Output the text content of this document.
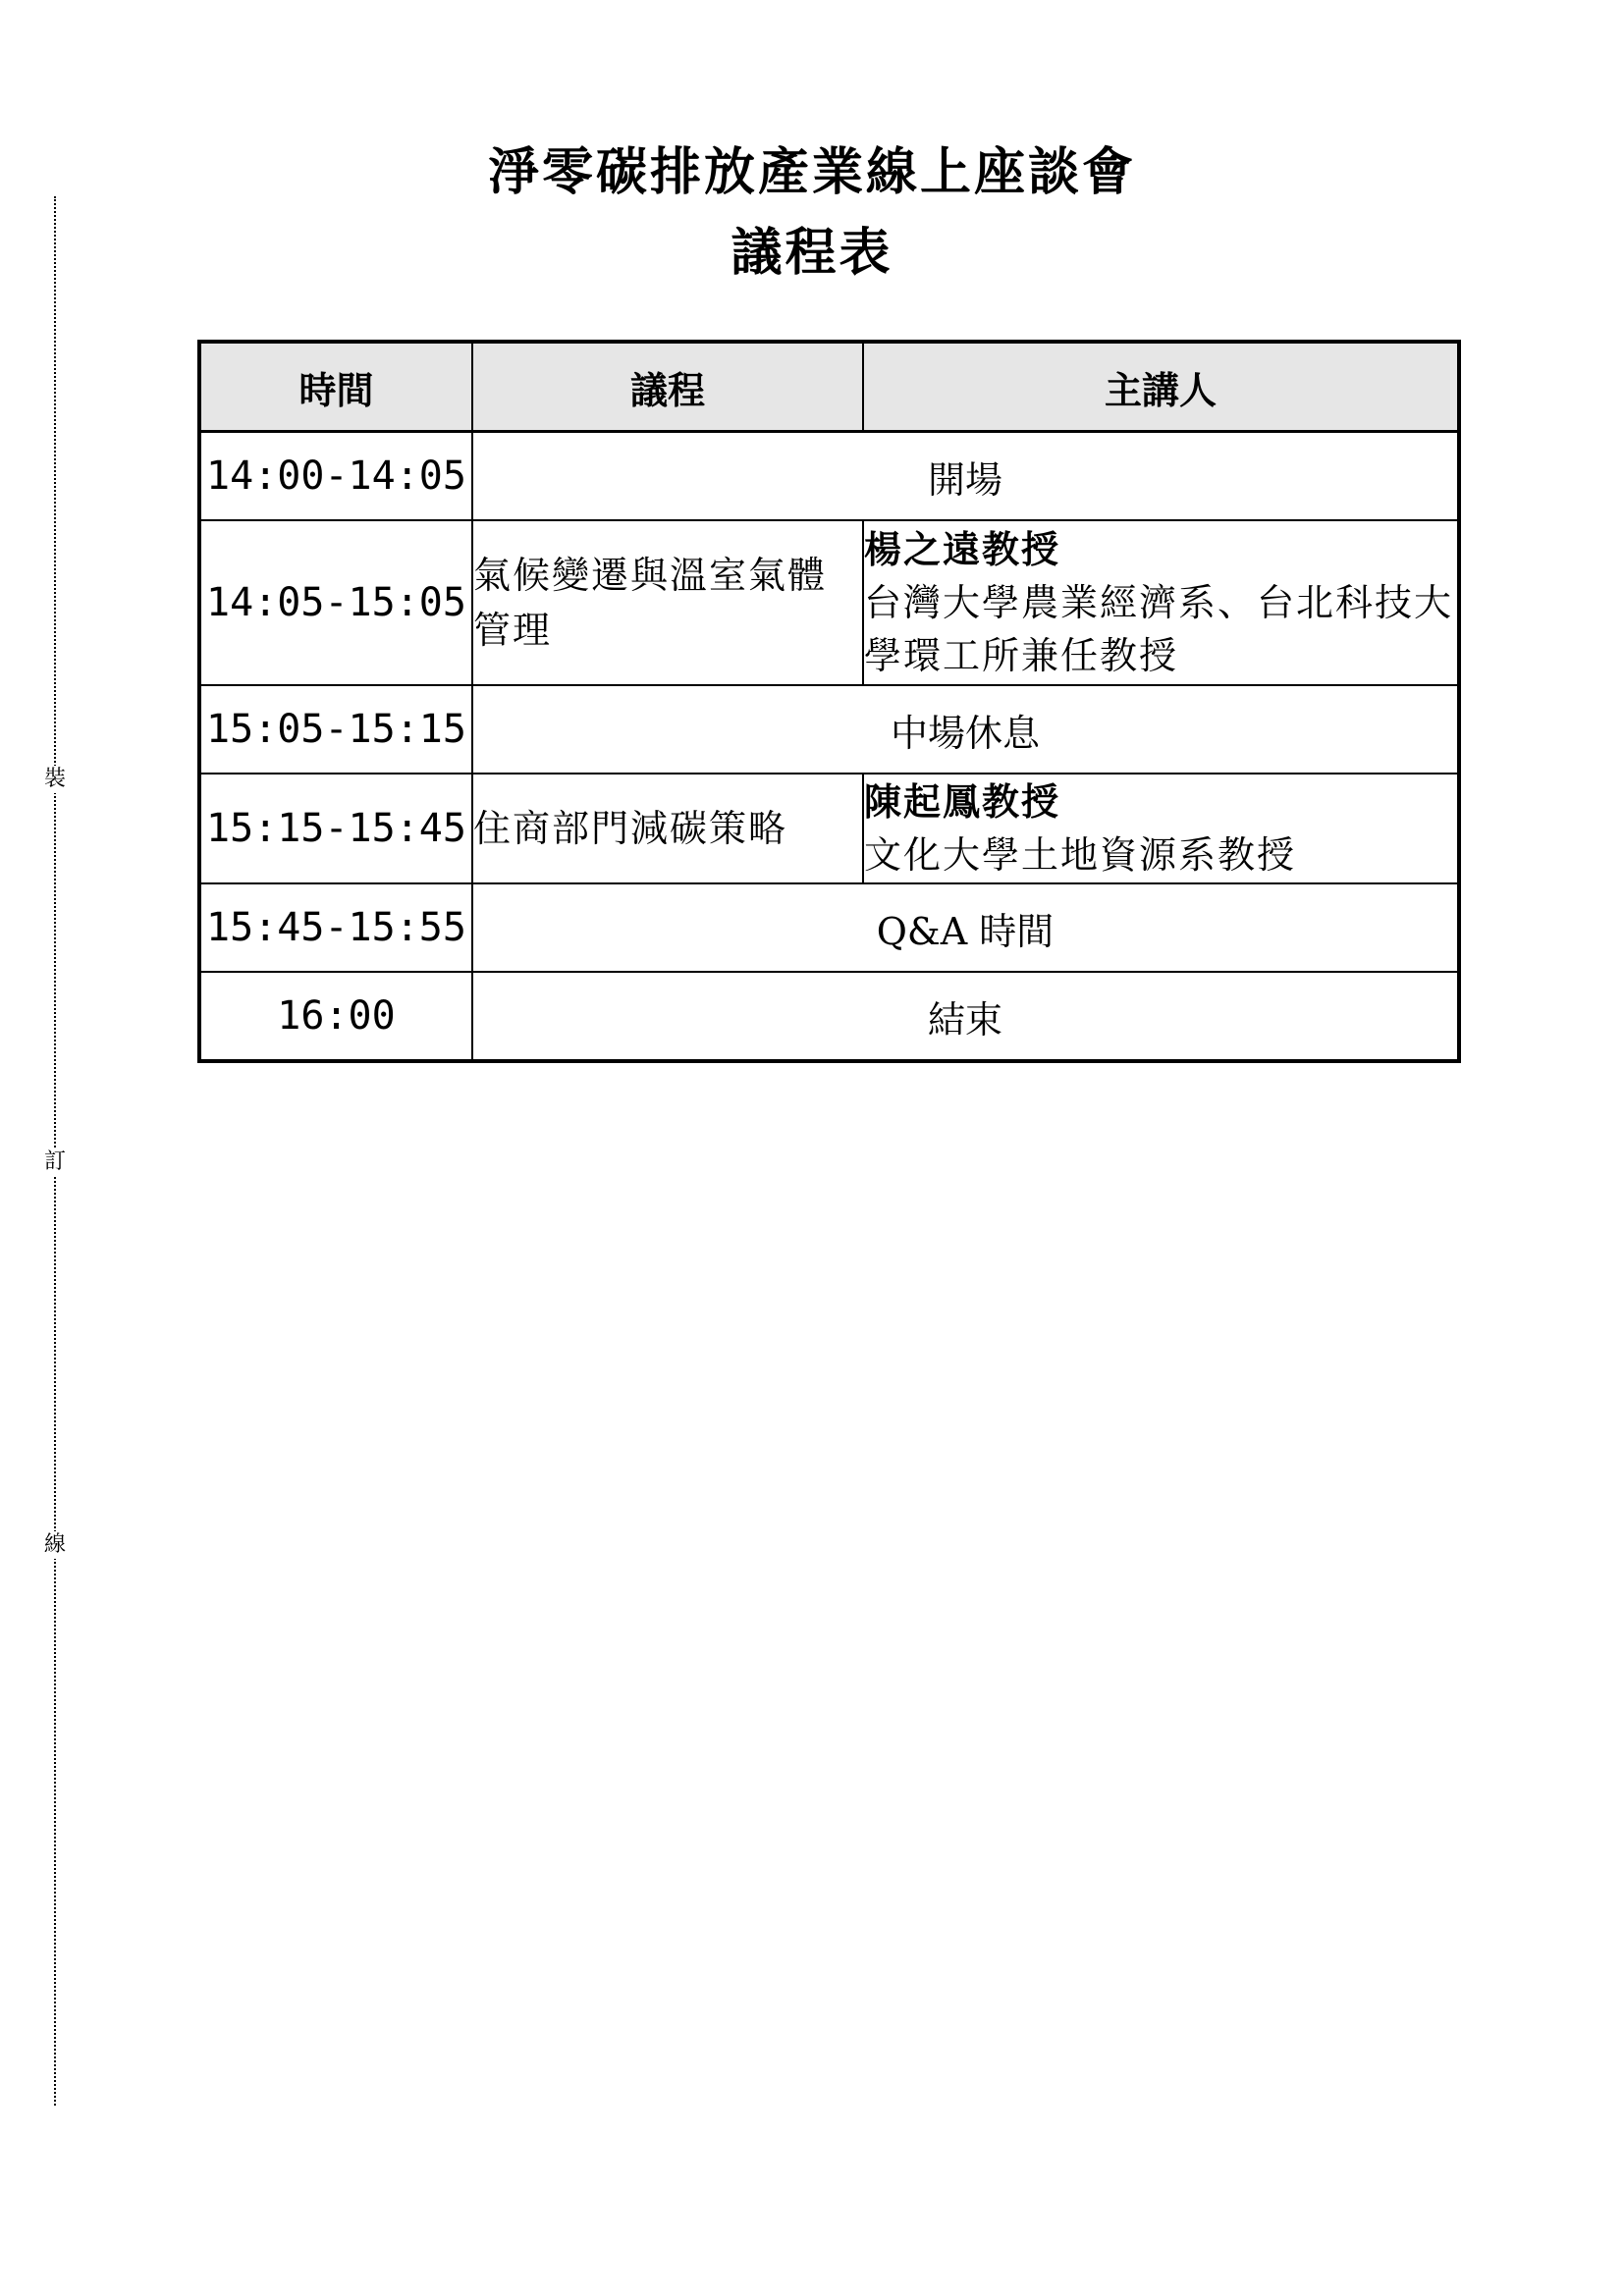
裝
訂
線
淨零碳排放產業線上座談會
議程表
時間	議程	主講人
14:00-14:05	開場	
14:05-15:05	氣候變遷與溫室氣體管理	楊之遠教授
台灣大學農業經濟系、台北科技大學環工所兼任教授

15:05-15:15	中場休息	
15:15-15:45	住商部門減碳策略	陳起鳳教授
文化大學土地資源系教授

15:45-15:55	Q&A 時間	
16:00	結束	
